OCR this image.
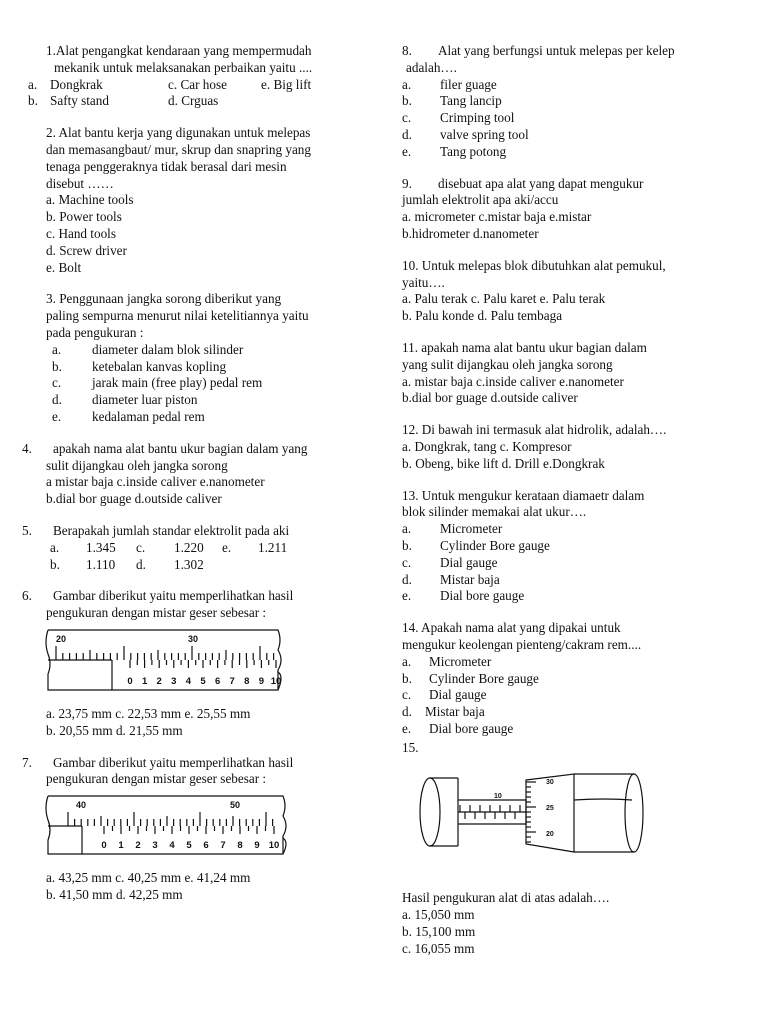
1.Alat pengangkat kendaraan yang mempermudah
mekanik untuk melaksanakan perbaikan yaitu ....
a. Dongkrak	c. Car hose	e. Big lift
b. Safty stand	d. Crguas
2. Alat bantu kerja yang digunakan untuk melepas
dan memasangbaut/ mur, skrup dan snapring yang
tenaga penggeraknya tidak berasal dari mesin
disebut ……
a. Machine tools
b. Power tools
c. Hand tools
d. Screw driver
e. Bolt
3. Penggunaan jangka sorong diberikut yang
paling sempurna menurut nilai ketelitiannya yaitu
pada pengukuran :
a.	diameter dalam blok silinder
b.	ketebalan kanvas kopling
c.	jarak main (free play) pedal rem
d.	diameter luar piston
e.	kedalaman pedal rem
4.	apakah nama alat bantu ukur bagian dalam yang
sulit dijangkau oleh jangka sorong
a mistar baja c.inside caliver e.nanometer
b.dial bor guage d.outside caliver
5.	Berapakah jumlah standar elektrolit pada aki
a.	1.345	c.	1.220	e.	1.211
b.	1.110	d.	1.302
6.	Gambar diberikut yaitu memperlihatkan hasil
pengukuran dengan mistar geser sebesar :
20	30
0 1 2 3 4 5 6 7 8 9 10
a. 23,75 mm c. 22,53 mm e. 25,55 mm
b. 20,55 mm d. 21,55 mm
7.	Gambar diberikut yaitu memperlihatkan hasil
pengukuran dengan mistar geser sebesar :
40	50
0 1 2 3 4 5 6 7 8 9 10
a. 43,25 mm c. 40,25 mm e. 41,24 mm
b. 41,50 mm d. 42,25 mm
8.	Alat yang berfungsi untuk melepas per kelep
adalah….
a.	filer guage
b.	Tang lancip
c.	Crimping tool
d.	valve spring tool
e.	Tang potong
9.	disebuat apa alat yang dapat mengukur
jumlah elektrolit apa aki/accu
a. micrometer c.mistar baja e.mistar
b.hidrometer d.nanometer
10. Untuk melepas blok dibutuhkan alat pemukul,
yaitu….
a. Palu terak c. Palu karet e. Palu terak
b. Palu konde d. Palu tembaga
11. apakah nama alat bantu ukur bagian dalam
yang sulit dijangkau oleh jangka sorong
a. mistar baja c.inside caliver e.nanometer
b.dial bor guage d.outside caliver
12. Di bawah ini termasuk alat hidrolik, adalah….
a. Dongkrak, tang c. Kompresor
b. Obeng, bike lift d. Drill e.Dongkrak
13. Untuk mengukur kerataan diamaetr dalam
blok silinder memakai alat ukur….
a.	Micrometer
b.	Cylinder Bore gauge
c.	Dial gauge
d.	Mistar baja
e.	Dial bore gauge
14. Apakah nama alat yang dipakai untuk
mengukur keolengan pienteng/cakram rem....
a.	Micrometer
b.	Cylinder Bore gauge
c.	Dial gauge
d. Mistar baja
e.	Dial bore gauge
15.
10
30
25
20
Hasil pengukuran alat di atas adalah….
a. 15,050 mm
b. 15,100 mm
c. 16,055 mm
